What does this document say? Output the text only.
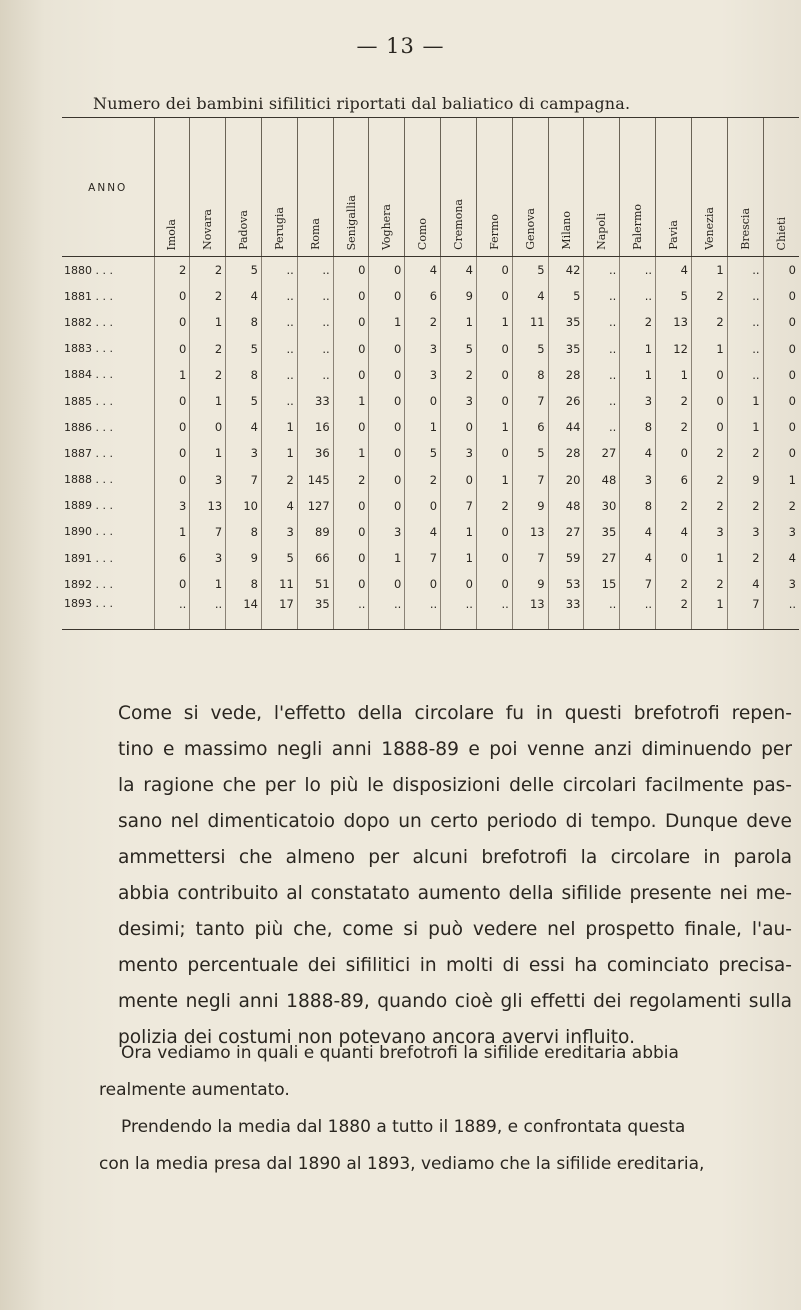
— 13 —
Numero dei bambini sifilitici riportati dal baliatico di campagna.
ANNO	Imola	Novara	Padova	Perugia	Roma	Senigallia	Voghera	Como	Cremona	Fermo	Genova	Milano	Napoli	Palermo	Pavia	Venezia	Brescia	Chieti

1880 . . .	2	2	5	..	..	0	0	4	4	0	5	42	..	..	4	1	..	0
1881 . . .	0	2	4	..	..	0	0	6	9	0	4	5	..	..	5	2	..	0
1882 . . .	0	1	8	..	..	0	1	2	1	1	11	35	..	2	13	2	..	0
1883 . . .	0	2	5	..	..	0	0	3	5	0	5	35	..	1	12	1	..	0
1884 . . .	1	2	8	..	..	0	0	3	2	0	8	28	..	1	1	0	..	0
1885 . . .	0	1	5	..	33	1	0	0	3	0	7	26	..	3	2	0	1	0
1886 . . .	0	0	4	1	16	0	0	1	0	1	6	44	..	8	2	0	1	0
1887 . . .	0	1	3	1	36	1	0	5	3	0	5	28	27	4	0	2	2	0
1888 . . .	0	3	7	2	145	2	0	2	0	1	7	20	48	3	6	2	9	1
1889 . . .	3	13	10	4	127	0	0	0	7	2	9	48	30	8	2	2	2	2
1890 . . .	1	7	8	3	89	0	3	4	1	0	13	27	35	4	4	3	3	3
1891 . . .	6	3	9	5	66	0	1	7	1	0	7	59	27	4	0	1	2	4
1892 . . .	0	1	8	11	51	0	0	0	0	0	9	53	15	7	2	2	4	3
1893 . . .	..	..	14	17	35	..	..	..	..	..	13	33	..	..	2	1	7	..
Come si vede, l'effetto della circolare fu in questi brefotrofi repen-
tino e massimo negli anni 1888-89 e poi venne anzi diminuendo per
la ragione che per lo più le disposizioni delle circolari facilmente pas-
sano nel dimenticatoio dopo un certo periodo di tempo. Dunque deve
ammettersi che almeno per alcuni brefotrofi la circolare in parola
abbia contribuito al constatato aumento della sifilide presente nei me-
desimi; tanto più che, come si può vedere nel prospetto finale, l'au-
mento percentuale dei sifilitici in molti di essi ha cominciato precisa-
mente negli anni 1888-89, quando cioè gli effetti dei regolamenti sulla
polizia dei costumi non potevano ancora avervi influito.
Ora vediamo in quali e quanti brefotrofi la sifilide ereditaria abbia
realmente aumentato.
Prendendo la media dal 1880 a tutto il 1889, e confrontata questa
con la media presa dal 1890 al 1893, vediamo che la sifilide ereditaria,
